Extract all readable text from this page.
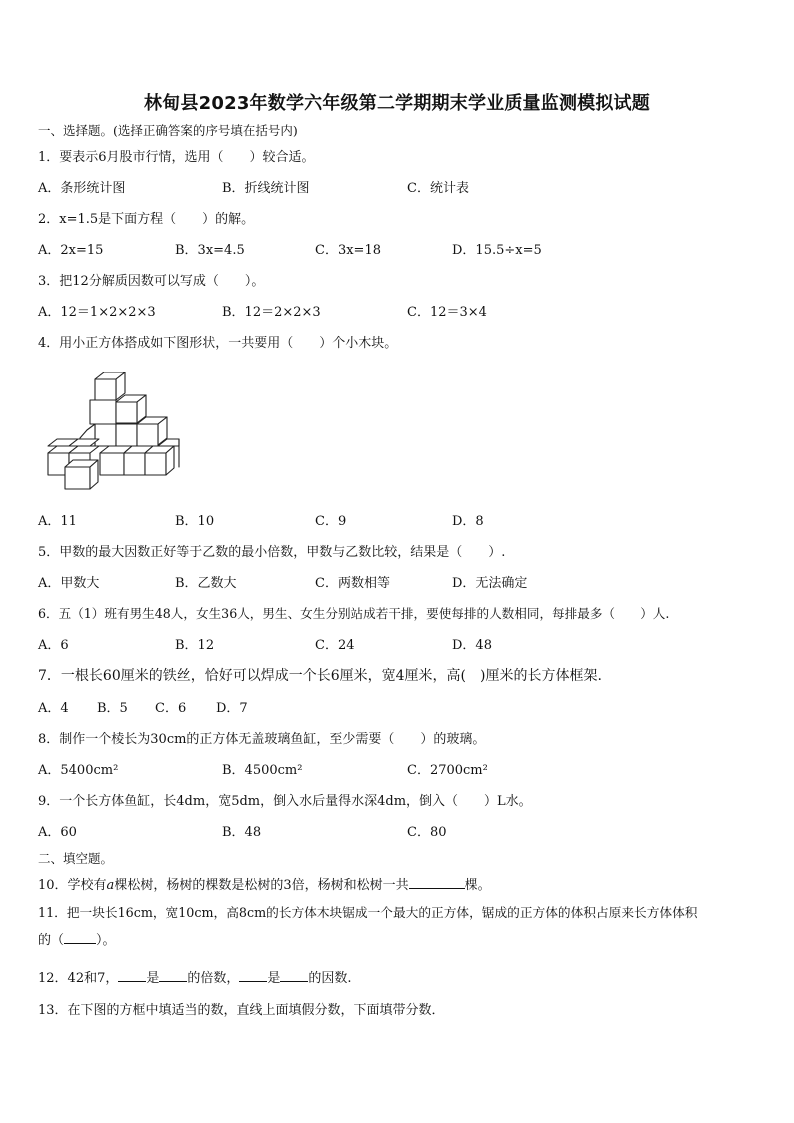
林甸县2023年数学六年级第二学期期末学业质量监测模拟试题
一、选择题。(选择正确答案的序号填在括号内)
1．要表示6月股市行情，选用（　　）较合适。
A．条形统计图	B．折线统计图	C．统计表
2．x=1.5是下面方程（　　）的解。
A．2x=15	B．3x=4.5	C．3x=18	D．15.5÷x=5
3．把12分解质因数可以写成（　　）。
A．12＝1×2×2×3	B．12＝2×2×3	C．12＝3×4
4．用小正方体搭成如下图形状，一共要用（　　）个小木块。
A．11	B．10	C．9	D．8
5．甲数的最大因数正好等于乙数的最小倍数，甲数与乙数比较，结果是（　　）.
A．甲数大	B．乙数大	C．两数相等	D．无法确定
6．五（1）班有男生48人，女生36人，男生、女生分别站成若干排，要使每排的人数相同，每排最多（　　）人.
A．6	B．12	C．24	D．48
7．一根长60厘米的铁丝，恰好可以焊成一个长6厘米，宽4厘米，高(　)厘米的长方体框架.
A．4 B．5 C．6 D．7
8．制作一个棱长为30cm的正方体无盖玻璃鱼缸，至少需要（　　）的玻璃。
A．5400cm²	B．4500cm²	C．2700cm²
9．一个长方体鱼缸，长4dm，宽5dm，倒入水后量得水深4dm，倒入（　　）L水。
A．60	B．48	C．80
二、填空题。
10．学校有a棵松树，杨树的棵数是松树的3倍，杨树和松树一共	棵。
11．把一块长16cm，宽10cm，高8cm的长方体木块锯成一个最大的正方体，锯成的正方体的体积占原来长方体体积
的（ ）。
12．42和7， 是 的倍数， 是 的因数.
13．在下图的方框中填适当的数，直线上面填假分数，下面填带分数．
